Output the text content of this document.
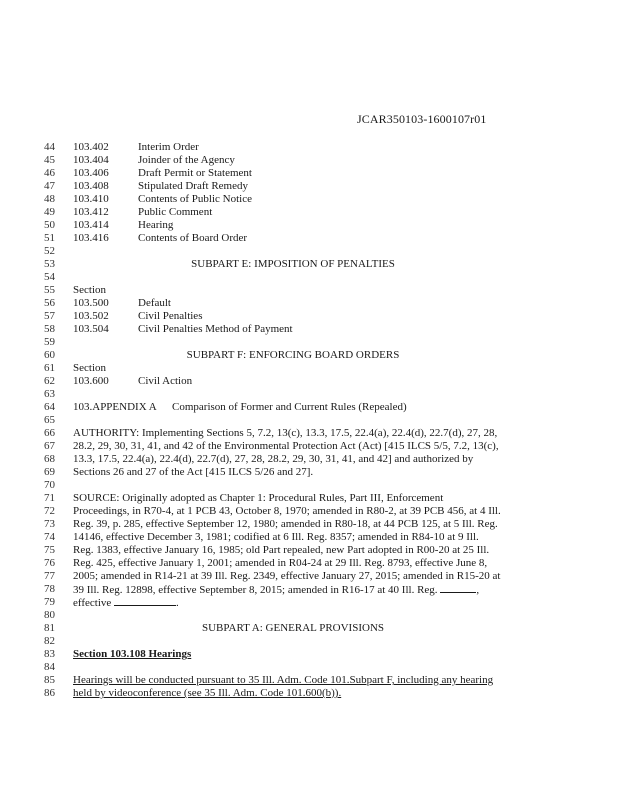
JCAR350103-1600107r01
44	103.402	Interim Order
45	103.404	Joinder of the Agency
46	103.406	Draft Permit or Statement
47	103.408	Stipulated Draft Remedy
48	103.410	Contents of Public Notice
49	103.412	Public Comment
50	103.414	Hearing
51	103.416	Contents of Board Order
52
53	SUBPART E: IMPOSITION OF PENALTIES
54
55	Section
56	103.500	Default
57	103.502	Civil Penalties
58	103.504	Civil Penalties Method of Payment
59
60	SUBPART F: ENFORCING BOARD ORDERS
61	Section
62	103.600	Civil Action
63
64	103.APPENDIX A Comparison of Former and Current Rules (Repealed)
65
66	AUTHORITY: Implementing Sections 5, 7.2, 13(c), 13.3, 17.5, 22.4(a), 22.4(d), 22.7(d), 27, 28,
67	28.2, 29, 30, 31, 41, and 42 of the Environmental Protection Act (Act) [415 ILCS 5/5, 7.2, 13(c),
68	13.3, 17.5, 22.4(a), 22.4(d), 22.7(d), 27, 28, 28.2, 29, 30, 31, 41, and 42] and authorized by
69	Sections 26 and 27 of the Act [415 ILCS 5/26 and 27].
70
71	SOURCE: Originally adopted as Chapter 1: Procedural Rules, Part III, Enforcement
72	Proceedings, in R70-4, at 1 PCB 43, October 8, 1970; amended in R80-2, at 39 PCB 456, at 4 Ill.
73	Reg. 39, p. 285, effective September 12, 1980; amended in R80-18, at 44 PCB 125, at 5 Ill. Reg.
74	14146, effective December 3, 1981; codified at 6 Ill. Reg. 8357; amended in R84-10 at 9 Ill.
75	Reg. 1383, effective January 16, 1985; old Part repealed, new Part adopted in R00-20 at 25 Ill.
76	Reg. 425, effective January 1, 2001; amended in R04-24 at 29 Ill. Reg. 8793, effective June 8,
77	2005; amended in R14-21 at 39 Ill. Reg. 2349, effective January 27, 2015; amended in R15-20 at
78	39 Ill. Reg. 12898, effective September 8, 2015; amended in R16-17 at 40 Ill. Reg.	,
79	effective	.
80
81	SUBPART A: GENERAL PROVISIONS
82
83	Section 103.108 Hearings
84
85	Hearings will be conducted pursuant to 35 Ill. Adm. Code 101.Subpart F, including any hearing
86	held by videoconference (see 35 Ill. Adm. Code 101.600(b)).
